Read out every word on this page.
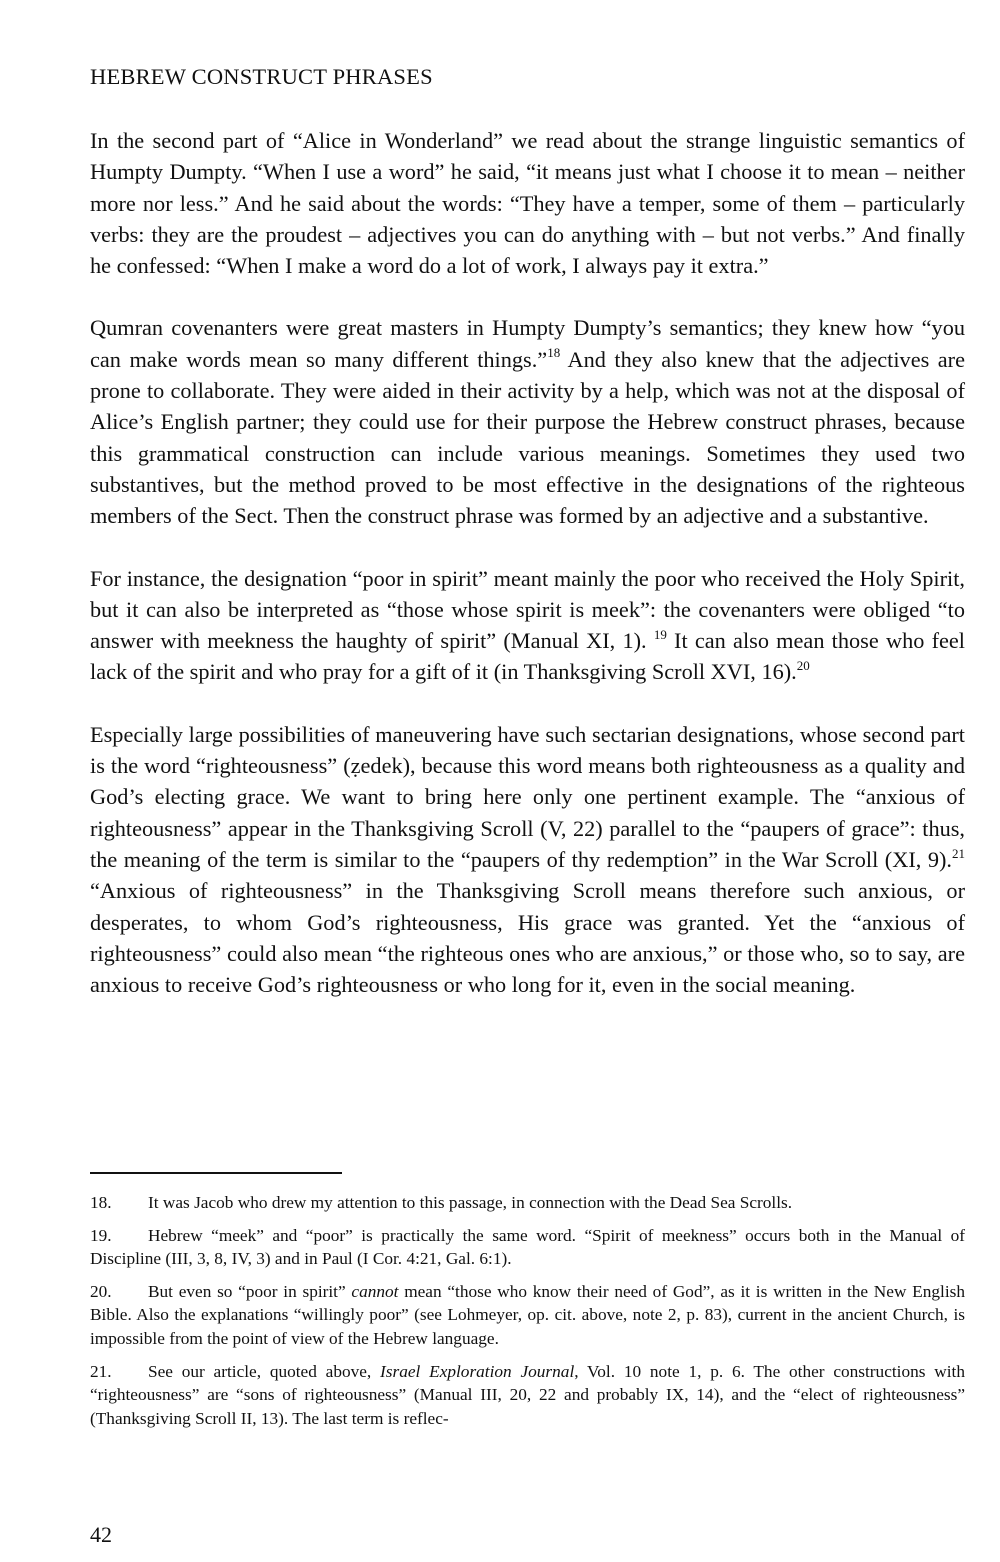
HEBREW CONSTRUCT PHRASES

In the second part of “Alice in Wonderland” we read about the strange linguistic semantics of Humpty Dumpty. “When I use a word” he said, “it means just what I choose it to mean – neither more nor less.” And he said about the words: “They have a temper, some of them – particularly verbs: they are the proudest – adjectives you can do anything with – but not verbs.” And finally he confessed: “When I make a word do a lot of work, I always pay it extra.”

Qumran covenanters were great masters in Humpty Dumpty’s semantics; they knew how “you can make words mean so many different things.”$^{18}$ And they also knew that the adjectives are prone to collaborate. They were aided in their activity by a help, which was not at the disposal of Alice’s English partner; they could use for their purpose the Hebrew construct phrases, because this grammatical construction can include various meanings. Sometimes they used two substantives, but the method proved to be most effective in the designations of the righteous members of the Sect. Then the construct phrase was formed by an adjective and a substantive.

For instance, the designation “poor in spirit” meant mainly the poor who received the Holy Spirit, but it can also be interpreted as “those whose spirit is meek”: the covenanters were obliged “to answer with meekness the haughty of spirit” (Manual XI, 1). $^{19}$ It can also mean those who feel lack of the spirit and who pray for a gift of it (in Thanksgiving Scroll XVI, 16).$^{20}$

Especially large possibilities of maneuvering have such sectarian designations, whose second part is the word “righteousness” (ẓedek), because this word means both righteousness as a quality and God’s electing grace. We want to bring here only one pertinent example. The “anxious of righteousness” appear in the Thanksgiving Scroll (V, 22) parallel to the “paupers of grace”: thus, the meaning of the term is similar to the “paupers of thy redemption” in the War Scroll (XI, 9).$^{21}$ “Anxious of righteousness” in the Thanksgiving Scroll means therefore such anxious, or desperates, to whom God’s righteousness, His grace was granted. Yet the “anxious of righteousness” could also mean “the righteous ones who are anxious,” or those who, so to say, are anxious to receive God’s righteousness or who long for it, even in the social meaning.

18. It was Jacob who drew my attention to this passage, in connection with the Dead Sea Scrolls.
19. Hebrew “meek” and “poor” is practically the same word. “Spirit of meekness” occurs both in the Manual of Discipline (III, 3, 8, IV, 3) and in Paul (I Cor. 4:21, Gal. 6:1).
20. But even so “poor in spirit” cannot mean “those who know their need of God”, as it is written in the New English Bible. Also the explanations “willingly poor” (see Lohmeyer, op. cit. above, note 2, p. 83), current in the ancient Church, is impossible from the point of view of the Hebrew language.
21. See our article, quoted above, Israel Exploration Journal, Vol. 10 note 1, p. 6. The other constructions with “righteousness” are “sons of righteousness” (Manual III, 20, 22 and probably IX, 14), and the “elect of righteousness” (Thanksgiving Scroll II, 13). The last term is reflec-
42
